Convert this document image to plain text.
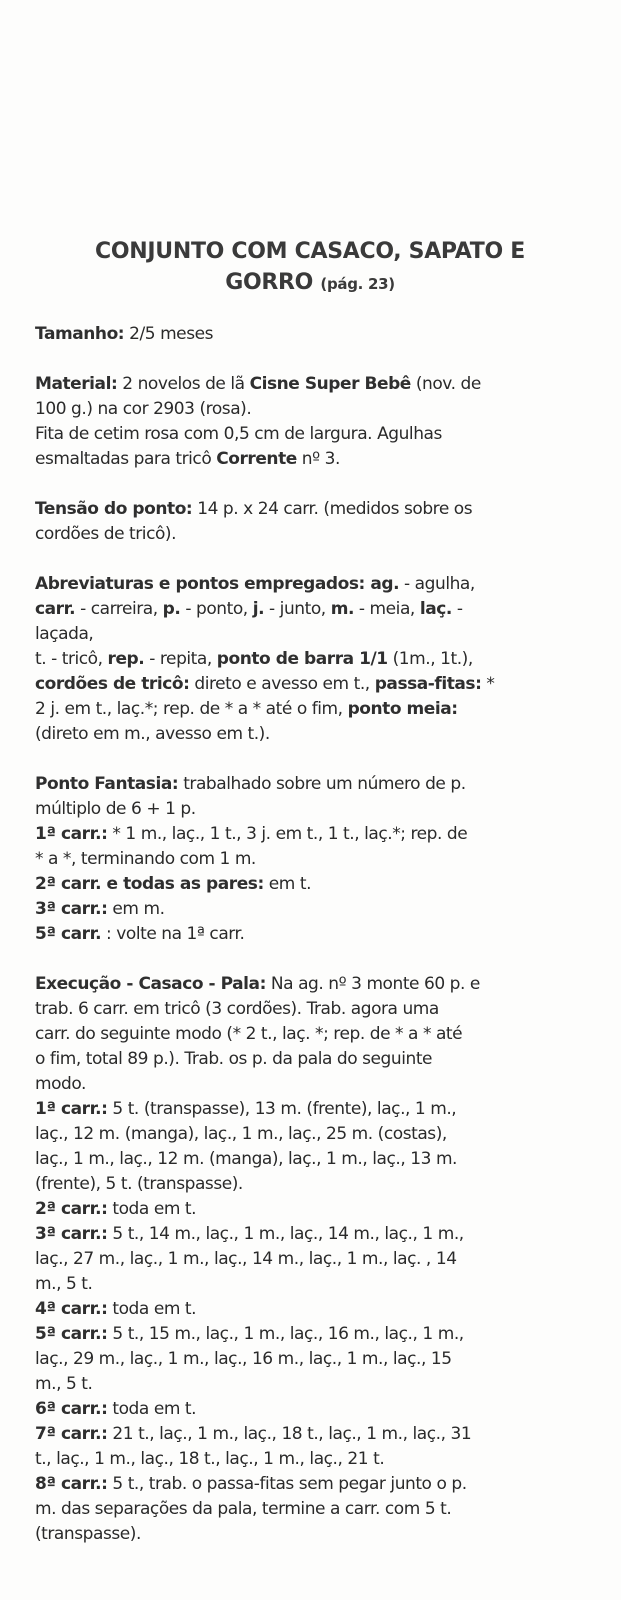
CONJUNTO COM CASACO, SAPATO E
GORRO (pág. 23)
Tamanho: 2/5 meses
Material: 2 novelos de lã Cisne Super Bebê (nov. de
100 g.) na cor 2903 (rosa).
Fita de cetim rosa com 0,5 cm de largura. Agulhas
esmaltadas para tricô Corrente nº 3.
Tensão do ponto: 14 p. x 24 carr. (medidos sobre os
cordões de tricô).
Abreviaturas e pontos empregados: ag. - agulha,
carr. - carreira, p. - ponto, j. - junto, m. - meia, laç. -
laçada,
t. - tricô, rep. - repita, ponto de barra 1/1 (1m., 1t.),
cordões de tricô: direto e avesso em t., passa-fitas: *
2 j. em t., laç.*; rep. de * a * até o fim, ponto meia:
(direto em m., avesso em t.).
Ponto Fantasia: trabalhado sobre um número de p.
múltiplo de 6 + 1 p.
1ª carr.: * 1 m., laç., 1 t., 3 j. em t., 1 t., laç.*; rep. de
* a *, terminando com 1 m.
2ª carr. e todas as pares: em t.
3ª carr.: em m.
5ª carr. : volte na 1ª carr.
Execução - Casaco - Pala: Na ag. nº 3 monte 60 p. e
trab. 6 carr. em tricô (3 cordões). Trab. agora uma
carr. do seguinte modo (* 2 t., laç. *; rep. de * a * até
o fim, total 89 p.). Trab. os p. da pala do seguinte
modo.
1ª carr.: 5 t. (transpasse), 13 m. (frente), laç., 1 m.,
laç., 12 m. (manga), laç., 1 m., laç., 25 m. (costas),
laç., 1 m., laç., 12 m. (manga), laç., 1 m., laç., 13 m.
(frente), 5 t. (transpasse).
2ª carr.: toda em t.
3ª carr.: 5 t., 14 m., laç., 1 m., laç., 14 m., laç., 1 m.,
laç., 27 m., laç., 1 m., laç., 14 m., laç., 1 m., laç. , 14
m., 5 t.
4ª carr.: toda em t.
5ª carr.: 5 t., 15 m., laç., 1 m., laç., 16 m., laç., 1 m.,
laç., 29 m., laç., 1 m., laç., 16 m., laç., 1 m., laç., 15
m., 5 t.
6ª carr.: toda em t.
7ª carr.: 21 t., laç., 1 m., laç., 18 t., laç., 1 m., laç., 31
t., laç., 1 m., laç., 18 t., laç., 1 m., laç., 21 t.
8ª carr.: 5 t., trab. o passa-fitas sem pegar junto o p.
m. das separações da pala, termine a carr. com 5 t.
(transpasse).
